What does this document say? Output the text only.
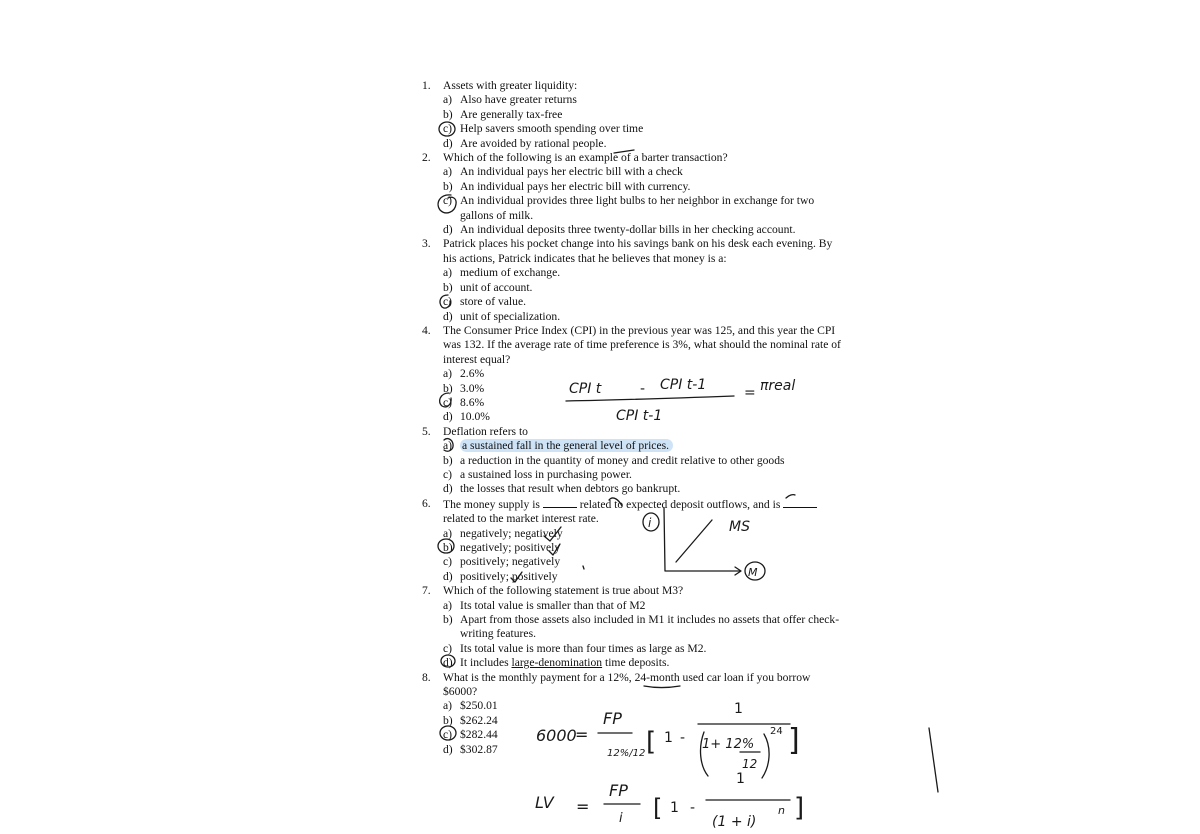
1. Assets with greater liquidity:
a) Also have greater returns
b) Are generally tax-free
c) Help savers smooth spending over time
d) Are avoided by rational people.
2. Which of the following is an example of a barter transaction?
a) An individual pays her electric bill with a check
b) An individual pays her electric bill with currency.
c) An individual provides three light bulbs to her neighbor in exchange for two gallons of milk.
d) An individual deposits three twenty-dollar bills in her checking account.
3. Patrick places his pocket change into his savings bank on his desk each evening. By his actions, Patrick indicates that he believes that money is a:
a) medium of exchange.
b) unit of account.
c) store of value.
d) unit of specialization.
4. The Consumer Price Index (CPI) in the previous year was 125, and this year the CPI was 132. If the average rate of time preference is 3%, what should the nominal rate of interest equal?
a) 2.6%
b) 3.0%
c) 8.6%
d) 10.0%
5. Deflation refers to
a) a sustained fall in the general level of prices.
b) a reduction in the quantity of money and credit relative to other goods
c) a sustained loss in purchasing power.
d) the losses that result when debtors go bankrupt.
6. The money supply is	related to expected deposit outflows, and is  related to the market interest rate.
a) negatively; negatively
b) negatively; positively
c) positively; negatively
d) positively; positively
7. Which of the following statement is true about M3?
a) Its total value is smaller than that of M2
b) Apart from those assets also included in M1 it includes no assets that offer check-writing features.
c) Its total value is more than four times as large as M2.
d) It includes large-denomination time deposits.
8. What is the monthly payment for a 12%, 24-month used car loan if you borrow $6000?
a) $250.01
b) $262.24
c) $282.44
d) $302.87
CPI t	- CPI t-1	= πreal
CPI t-1
i	MS
M
6000
=
FP
12%/12 [ 1 -
1
1+ 12%
12
24 ]
LV =
FP
i [ 1 -
1
(1 + i)
n ]
